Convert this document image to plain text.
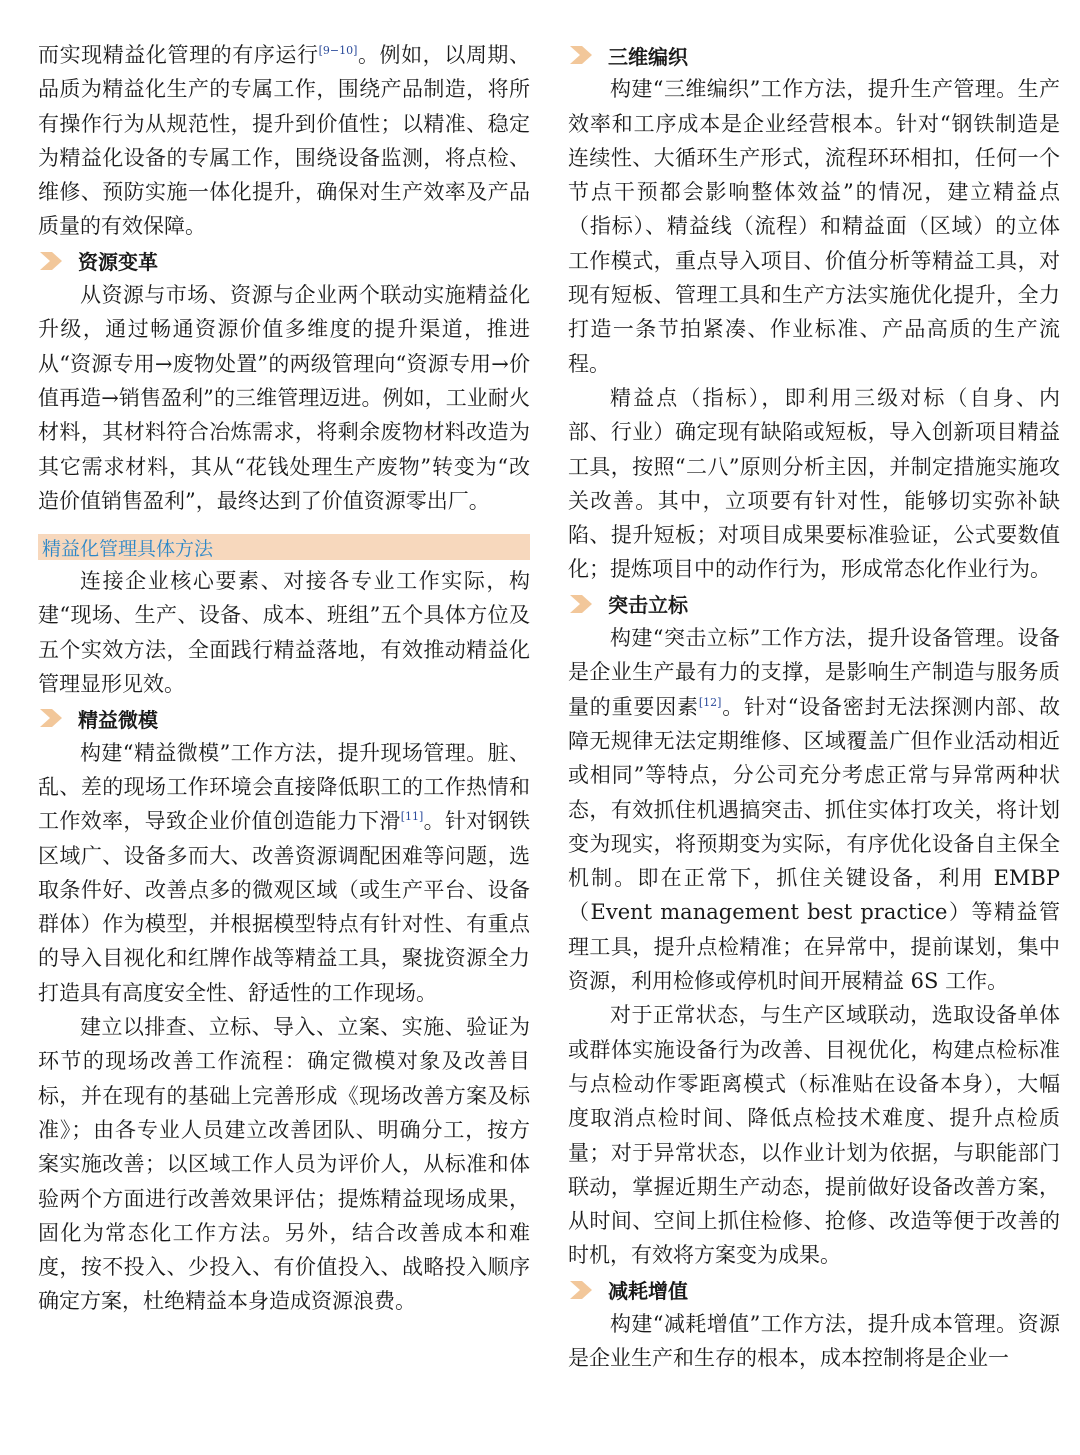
而实现精益化管理的有序运行[9−10]。例如，以周期、品质为精益化生产的专属工作，围绕产品制造，将所有操作行为从规范性，提升到价值性；以精准、稳定为精益化设备的专属工作，围绕设备监测，将点检、维修、预防实施一体化提升，确保对生产效率及产品质量的有效保障。

资源变革

从资源与市场、资源与企业两个联动实施精益化升级，通过畅通资源价值多维度的提升渠道，推进从“资源专用→废物处置”的两级管理向“资源专用→价值再造→销售盈利”的三维管理迈进。例如，工业耐火材料，其材料符合冶炼需求，将剩余废物材料改造为其它需求材料，其从“花钱处理生产废物”转变为“改造价值销售盈利”，最终达到了价值资源零出厂。

精益化管理具体方法

连接企业核心要素、对接各专业工作实际，构建“现场、生产、设备、成本、班组”五个具体方位及五个实效方法，全面践行精益落地，有效推动精益化管理显形见效。

精益微模

构建“精益微模”工作方法，提升现场管理。脏、乱、差的现场工作环境会直接降低职工的工作热情和工作效率，导致企业价值创造能力下滑[11]。针对钢铁区域广、设备多而大、改善资源调配困难等问题，选取条件好、改善点多的微观区域（或生产平台、设备群体）作为模型，并根据模型特点有针对性、有重点的导入目视化和红牌作战等精益工具，聚拢资源全力打造具有高度安全性、舒适性的工作现场。

建立以排查、立标、导入、立案、实施、验证为环节的现场改善工作流程：确定微模对象及改善目标，并在现有的基础上完善形成《现场改善方案及标准》；由各专业人员建立改善团队、明确分工，按方案实施改善；以区域工作人员为评价人，从标准和体验两个方面进行改善效果评估；提炼精益现场成果，固化为常态化工作方法。另外，结合改善成本和难度，按不投入、少投入、有价值投入、战略投入顺序确定方案，杜绝精益本身造成资源浪费。

三维编织

构建“三维编织”工作方法，提升生产管理。生产效率和工序成本是企业经营根本。针对“钢铁制造是连续性、大循环生产形式，流程环环相扣，任何一个节点干预都会影响整体效益”的情况，建立精益点（指标）、精益线（流程）和精益面（区域）的立体工作模式，重点导入项目、价值分析等精益工具，对现有短板、管理工具和生产方法实施优化提升，全力打造一条节拍紧凑、作业标准、产品高质的生产流程。

精益点（指标），即利用三级对标（自身、内部、行业）确定现有缺陷或短板，导入创新项目精益工具，按照“二八”原则分析主因，并制定措施实施攻关改善。其中，立项要有针对性，能够切实弥补缺陷、提升短板；对项目成果要标准验证，公式要数值化；提炼项目中的动作行为，形成常态化作业行为。

突击立标

构建“突击立标”工作方法，提升设备管理。设备是企业生产最有力的支撑，是影响生产制造与服务质量的重要因素[12]。针对“设备密封无法探测内部、故障无规律无法定期维修、区域覆盖广但作业活动相近或相同”等特点，分公司充分考虑正常与异常两种状态，有效抓住机遇搞突击、抓住实体打攻关，将计划变为现实，将预期变为实际，有序优化设备自主保全机制。即在正常下，抓住关键设备，利用 EMBP（Event management best practice）等精益管理工具，提升点检精准；在异常中，提前谋划，集中资源，利用检修或停机时间开展精益 6S 工作。

对于正常状态，与生产区域联动，选取设备单体或群体实施设备行为改善、目视优化，构建点检标准与点检动作零距离模式（标准贴在设备本身），大幅度取消点检时间、降低点检技术难度、提升点检质量；对于异常状态，以作业计划为依据，与职能部门联动，掌握近期生产动态，提前做好设备改善方案，从时间、空间上抓住检修、抢修、改造等便于改善的时机，有效将方案变为成果。

减耗增值

构建“减耗增值”工作方法，提升成本管理。资源是企业生产和生存的根本，成本控制将是企业一
